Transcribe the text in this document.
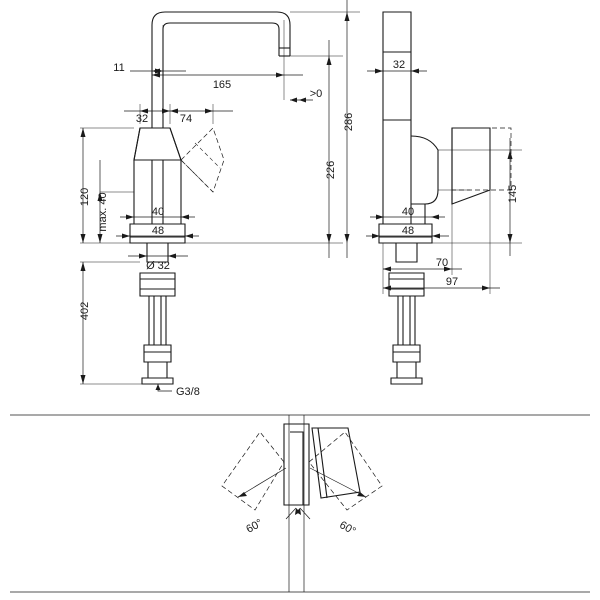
11
165
>0
32	74
226
286
120 max. 40	40
48
Ø 32
402
G3/8
32
145
40
48
70
97
60°	60°
